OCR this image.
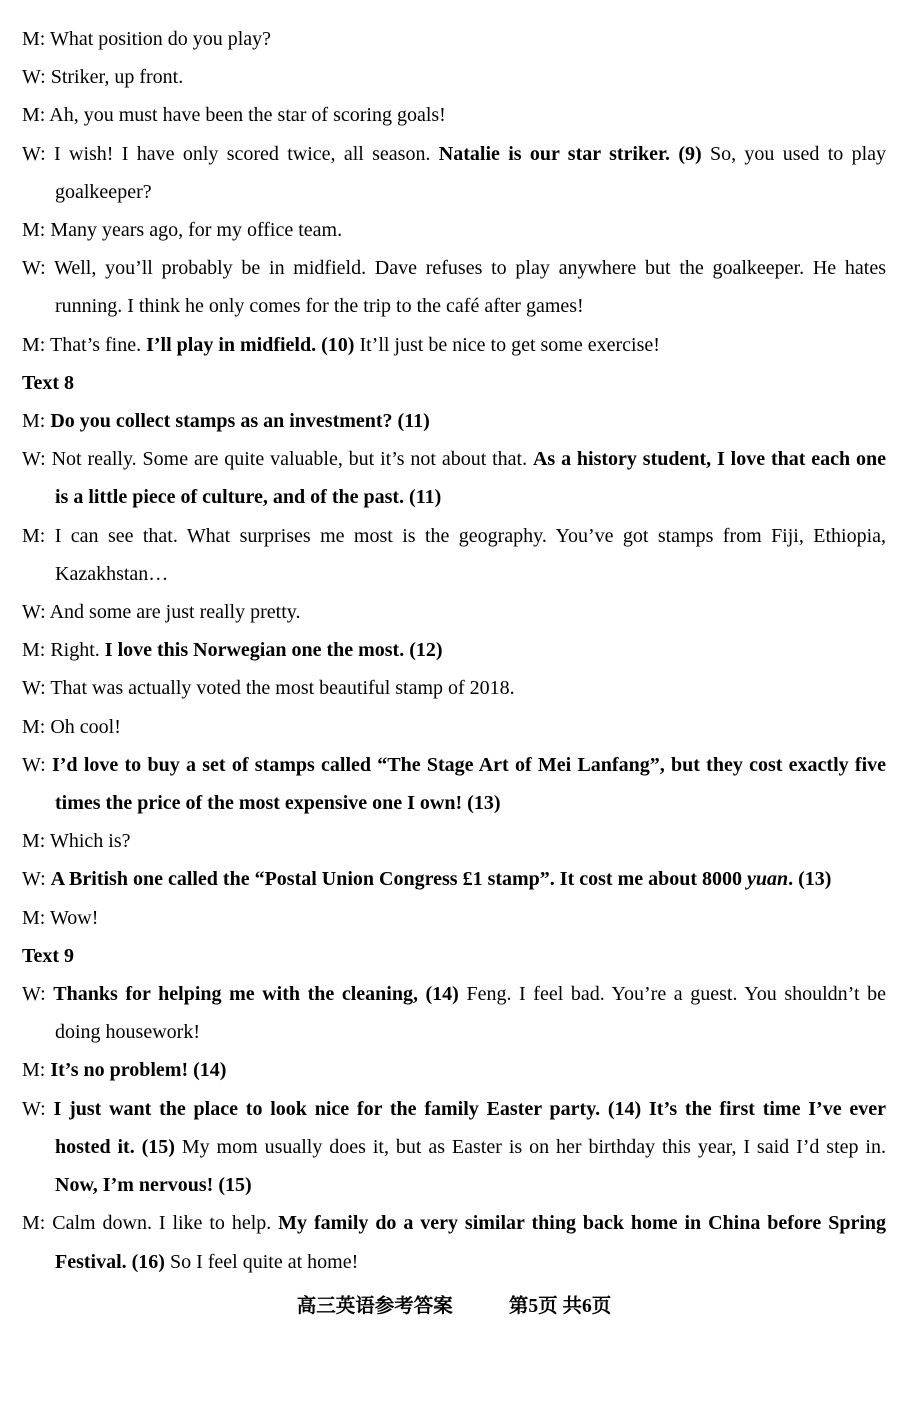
M: What position do you play?

W: Striker, up front.

M: Ah, you must have been the star of scoring goals!

W: I wish! I have only scored twice, all season. Natalie is our star striker. (9) So, you used to play goalkeeper?

M: Many years ago, for my office team.

W: Well, you’ll probably be in midfield. Dave refuses to play anywhere but the goalkeeper. He hates running. I think he only comes for the trip to the café after games!

M: That’s fine. I’ll play in midfield. (10) It’ll just be nice to get some exercise!

Text 8

M: Do you collect stamps as an investment? (11)

W: Not really. Some are quite valuable, but it’s not about that. As a history student, I love that each one is a little piece of culture, and of the past. (11)

M: I can see that. What surprises me most is the geography. You’ve got stamps from Fiji, Ethiopia, Kazakhstan…

W: And some are just really pretty.

M: Right. I love this Norwegian one the most. (12)

W: That was actually voted the most beautiful stamp of 2018.

M: Oh cool!

W: I’d love to buy a set of stamps called “The Stage Art of Mei Lanfang”, but they cost exactly five times the price of the most expensive one I own! (13)

M: Which is?

W: A British one called the “Postal Union Congress £1 stamp”. It cost me about 8000 yuan. (13)

M: Wow!

Text 9

W: Thanks for helping me with the cleaning, (14) Feng. I feel bad. You’re a guest. You shouldn’t be doing housework!

M: It’s no problem! (14)

W: I just want the place to look nice for the family Easter party. (14) It’s the first time I’ve ever hosted it. (15) My mom usually does it, but as Easter is on her birthday this year, I said I’d step in. Now, I’m nervous! (15)

M: Calm down. I like to help. My family do a very similar thing back home in China before Spring Festival. (16) So I feel quite at home!

高三英语参考答案	第5页 共6页
